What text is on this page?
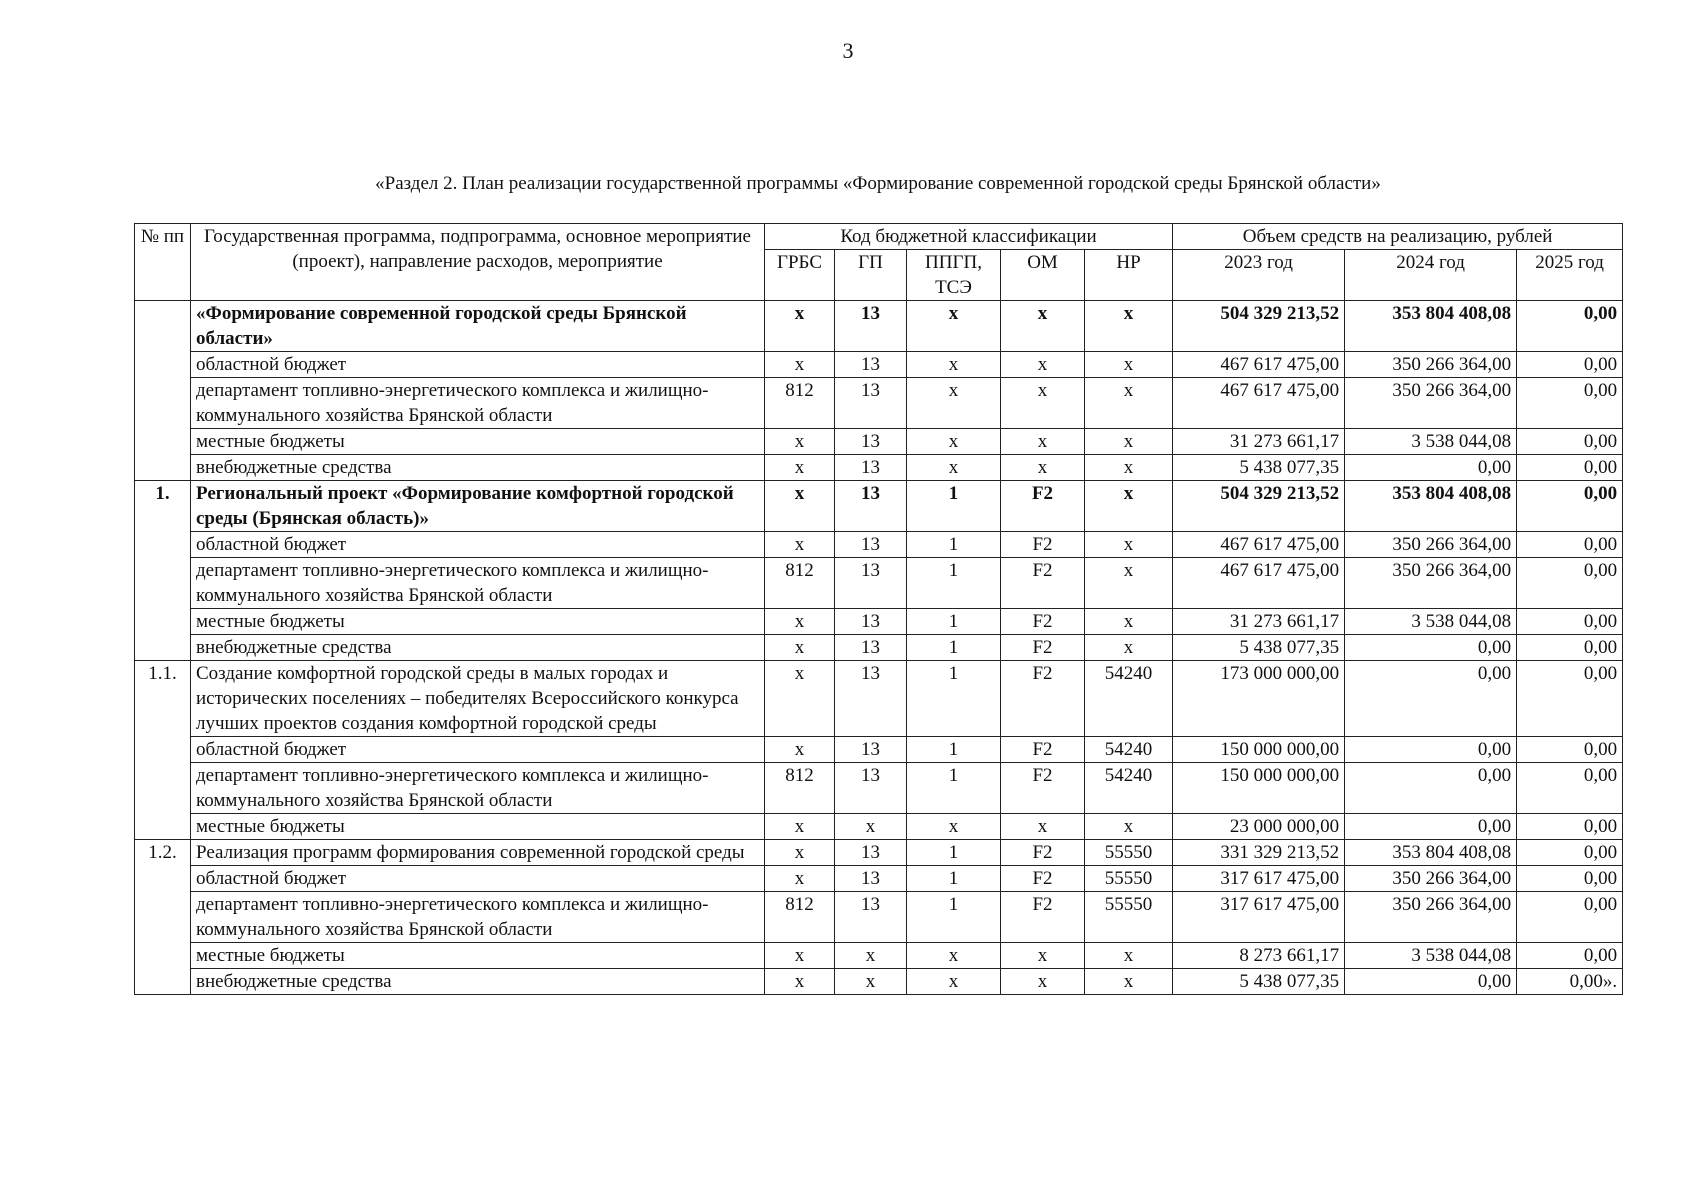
3
«Раздел 2. План реализации государственной программы «Формирование современной городской среды Брянской области»
№ пп	Государственная программа, подпрограмма, основное мероприятие (проект), направление расходов, мероприятие	Код бюджетной классификации					Объем средств на реализацию, рублей		
		ГРБС	ГП	ППГП, ТСЭ	ОМ	НР	2023 год	2024 год	2025 год
	«Формирование современной городской среды Брянской области»	x	13	x	x	x	504 329 213,52	353 804 408,08	0,00
	областной бюджет	x	13	x	x	x	467 617 475,00	350 266 364,00	0,00
	департамент топливно-энергетического комплекса и жилищно-коммунального хозяйства Брянской области	812	13	x	x	x	467 617 475,00	350 266 364,00	0,00
	местные бюджеты	x	13	x	x	x	31 273 661,17	3 538 044,08	0,00
	внебюджетные средства	x	13	x	x	x	5 438 077,35	0,00	0,00
1.	Региональный проект «Формирование комфортной городской среды (Брянская область)»	x	13	1	F2	x	504 329 213,52	353 804 408,08	0,00
	областной бюджет	x	13	1	F2	x	467 617 475,00	350 266 364,00	0,00
	департамент топливно-энергетического комплекса и жилищно-коммунального хозяйства Брянской области	812	13	1	F2	x	467 617 475,00	350 266 364,00	0,00
	местные бюджеты	x	13	1	F2	x	31 273 661,17	3 538 044,08	0,00
	внебюджетные средства	x	13	1	F2	x	5 438 077,35	0,00	0,00
1.1.	Создание комфортной городской среды в малых городах и исторических поселениях – победителях Всероссийского конкурса лучших проектов создания комфортной городской среды	x	13	1	F2	54240	173 000 000,00	0,00	0,00
	областной бюджет	x	13	1	F2	54240	150 000 000,00	0,00	0,00
	департамент топливно-энергетического комплекса и жилищно-коммунального хозяйства Брянской области	812	13	1	F2	54240	150 000 000,00	0,00	0,00
	местные бюджеты	x	x	x	x	x	23 000 000,00	0,00	0,00
1.2.	Реализация программ формирования современной городской среды	x	13	1	F2	55550	331 329 213,52	353 804 408,08	0,00
	областной бюджет	x	13	1	F2	55550	317 617 475,00	350 266 364,00	0,00
	департамент топливно-энергетического комплекса и жилищно-коммунального хозяйства Брянской области	812	13	1	F2	55550	317 617 475,00	350 266 364,00	0,00
	местные бюджеты	x	x	x	x	x	8 273 661,17	3 538 044,08	0,00
	внебюджетные средства	x	x	x	x	x	5 438 077,35	0,00	0,00».
